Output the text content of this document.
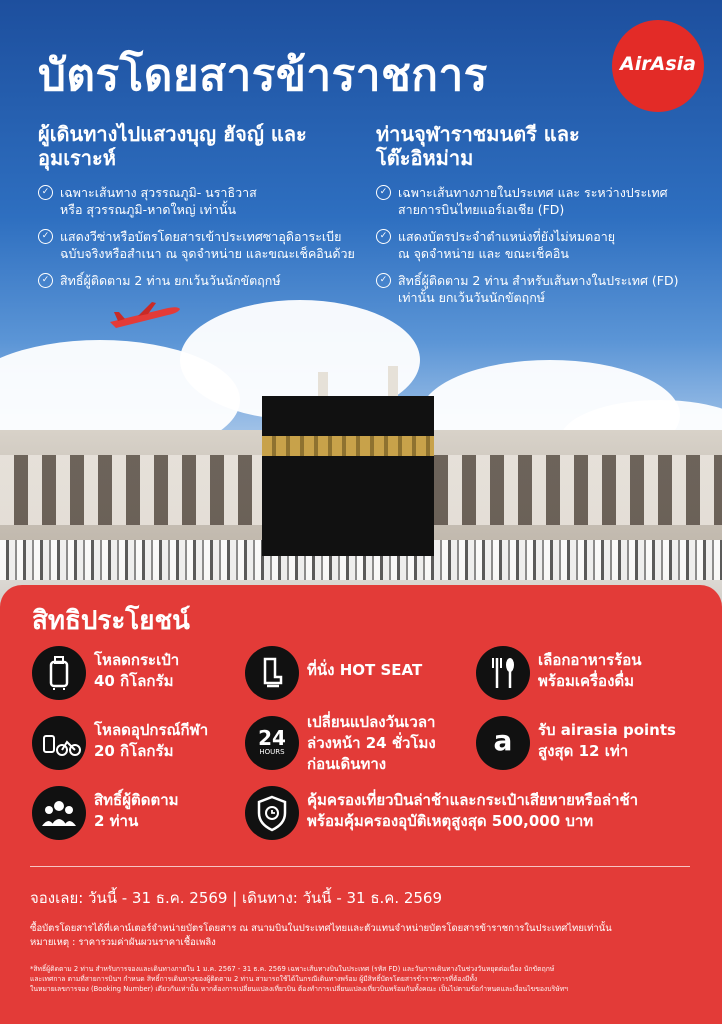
บัตรโดยสารข้าราชการ	AirAsia
ผู้เดินทางไปแสวงบุญ ฮัจญ์ และ
อุมเราะห์
✓ เฉพาะเส้นทาง สุวรรณภูมิ- นราธิวาส
หรือ สุวรรณภูมิ-หาดใหญ่ เท่านั้น
✓ แสดงวีซ่าหรือบัตรโดยสารเข้าประเทศซาอุดิอาระเบีย
ฉบับจริงหรือสำเนา ณ จุดจำหน่าย และขณะเช็คอินด้วย
✓ สิทธิ์ผู้ติดตาม 2 ท่าน ยกเว้นวันนักขัตฤกษ์
ท่านจุฬาราชมนตรี และ
โต๊ะอิหม่าม
✓ เฉพาะเส้นทางภายในประเทศ และ ระหว่างประเทศ
สายการบินไทยแอร์เอเชีย (FD)
✓ แสดงบัตรประจำตำแหน่งที่ยังไม่หมดอายุ
ณ จุดจำหน่าย และ ขณะเช็คอิน
✓ สิทธิ์ผู้ติดตาม 2 ท่าน สำหรับเส้นทางในประเทศ (FD)
เท่านั้น ยกเว้นวันนักขัตฤกษ์
สิทธิประโยชน์
โหลดกระเป๋า
40 กิโลกรัม
ที่นั่ง HOT SEAT
เลือกอาหารร้อน
พร้อมเครื่องดื่ม
โหลดอุปกรณ์กีฬา
20 กิโลกรัม
24
HOURS
เปลี่ยนแปลงวันเวลา
ล่วงหน้า 24 ชั่วโมง
ก่อนเดินทาง
a	รับ airasia points
สูงสุด 12 เท่า
สิทธิ์ผู้ติดตาม
2 ท่าน
คุ้มครองเที่ยวบินล่าช้าและกระเป๋าเสียหายหรือล่าช้า
พร้อมคุ้มครองอุบัติเหตุสูงสุด 500,000 บาท
จองเลย: วันนี้ - 31 ธ.ค. 2569 | เดินทาง: วันนี้ - 31 ธ.ค. 2569
ซื้อบัตรโดยสารได้ที่เคาน์เตอร์จำหน่ายบัตรโดยสาร ณ สนามบินในประเทศไทยและตัวแทนจำหน่ายบัตรโดยสารข้าราชการในประเทศไทยเท่านั้น
หมายเหตุ : ราคารวมค่าผันผวนราคาเชื้อเพลิง
*สิทธิ์ผู้ติดตาม 2 ท่าน สำหรับการจองและเดินทางภายใน 1 ม.ค. 2567 - 31 ธ.ค. 2569 เฉพาะเส้นทางบินในประเทศ (รหัส FD) และวันการเดินทางในช่วงวันหยุดต่อเนื่อง นักขัตฤกษ์
และเทศกาล ตามที่สายการบินฯ กำหนด สิทธิ์การเดินทางของผู้ติดตาม 2 ท่าน สามารถใช้ได้ในกรณีเดินทางพร้อม ผู้มีสิทธิ์บัตรโดยสารข้าราชการที่ต้องมีทั้ง
ในหมายเลขการจอง (Booking Number) เดียวกันเท่านั้น หากต้องการเปลี่ยนแปลงเที่ยวบิน ต้องทำการเปลี่ยนแปลงเที่ยวบินพร้อมกันทั้งคณะ เป็นไปตามข้อกำหนดและเงื่อนไขของบริษัทฯ
